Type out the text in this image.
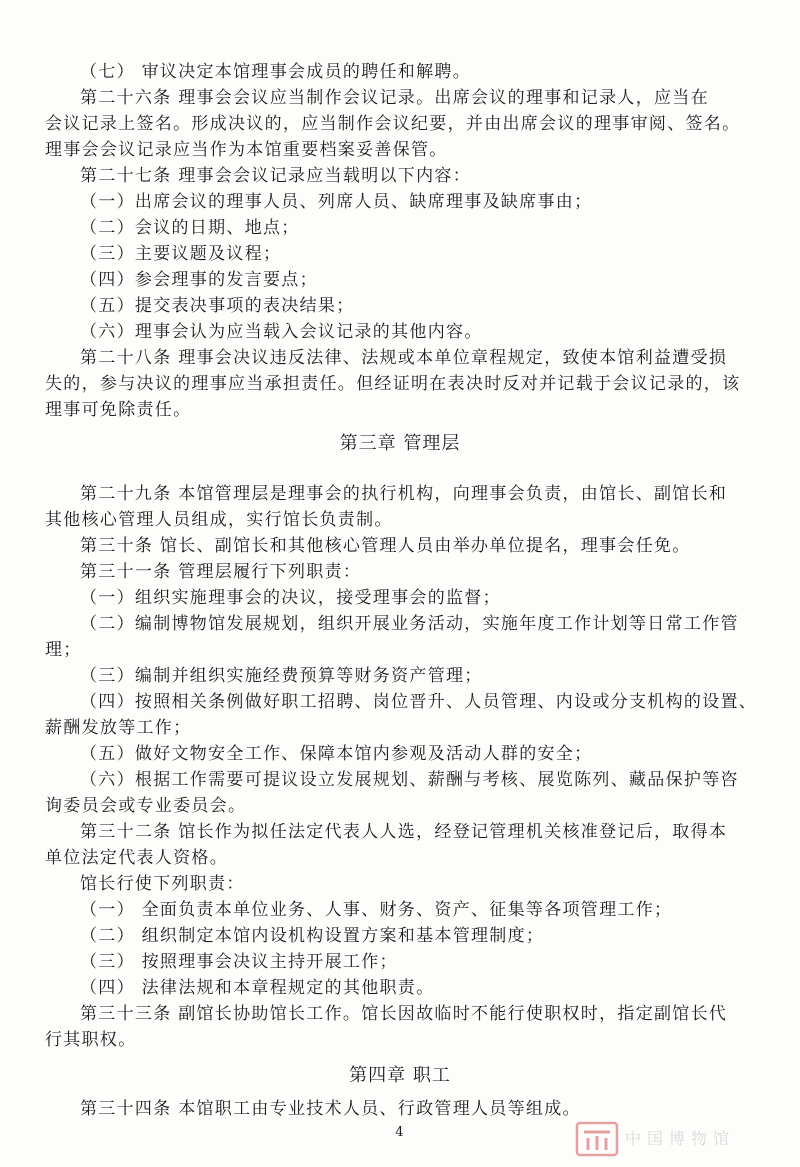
（七） 审议决定本馆理事会成员的聘任和解聘。
第二十六条 理事会会议应当制作会议记录。出席会议的理事和记录人，应当在
会议记录上签名。形成决议的，应当制作会议纪要，并由出席会议的理事审阅、签名。
理事会会议记录应当作为本馆重要档案妥善保管。
第二十七条 理事会会议记录应当载明以下内容：
（一）出席会议的理事人员、列席人员、缺席理事及缺席事由；
（二）会议的日期、地点；
（三）主要议题及议程；
（四）参会理事的发言要点；
（五）提交表决事项的表决结果；
（六）理事会认为应当载入会议记录的其他内容。
第二十八条 理事会决议违反法律、法规或本单位章程规定，致使本馆利益遭受损
失的，参与决议的理事应当承担责任。但经证明在表决时反对并记载于会议记录的，该
理事可免除责任。
第三章 管理层
第二十九条 本馆管理层是理事会的执行机构，向理事会负责，由馆长、副馆长和
其他核心管理人员组成，实行馆长负责制。
第三十条 馆长、副馆长和其他核心管理人员由举办单位提名，理事会任免。
第三十一条 管理层履行下列职责：
（一）组织实施理事会的决议，接受理事会的监督；
（二）编制博物馆发展规划，组织开展业务活动，实施年度工作计划等日常工作管
理；
（三）编制并组织实施经费预算等财务资产管理；
（四）按照相关条例做好职工招聘、岗位晋升、人员管理、内设或分支机构的设置、
薪酬发放等工作；
（五）做好文物安全工作、保障本馆内参观及活动人群的安全；
（六）根据工作需要可提议设立发展规划、薪酬与考核、展览陈列、藏品保护等咨
询委员会或专业委员会。
第三十二条 馆长作为拟任法定代表人人选，经登记管理机关核准登记后，取得本
单位法定代表人资格。
馆长行使下列职责：
（一） 全面负责本单位业务、人事、财务、资产、征集等各项管理工作；
（二） 组织制定本馆内设机构设置方案和基本管理制度；
（三） 按照理事会决议主持开展工作；
（四） 法律法规和本章程规定的其他职责。
第三十三条 副馆长协助馆长工作。馆长因故临时不能行使职权时，指定副馆长代
行其职权。
第四章 职工
第三十四条 本馆职工由专业技术人员、行政管理人员等组成。
4	中国博物馆
